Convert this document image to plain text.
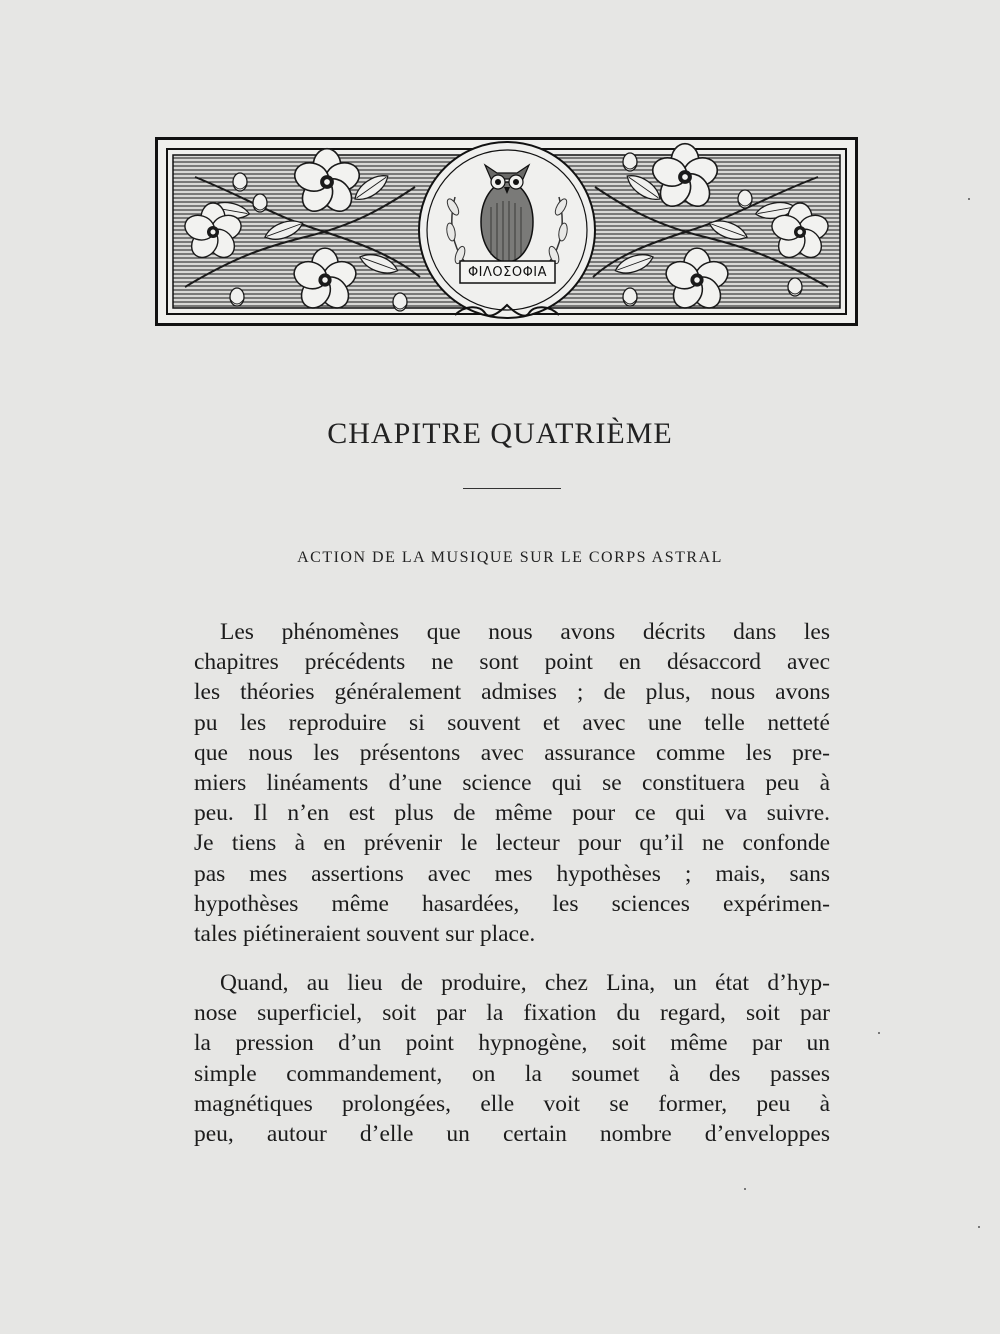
ΦΙΛΟΣΟΦΙΑ
CHAPITRE QUATRIÈME
ACTION DE LA MUSIQUE SUR LE CORPS ASTRAL
Les phénomènes que nous avons décrits dans les
chapitres précédents ne sont point en désaccord avec
les théories généralement admises ; de plus, nous avons
pu les reproduire si souvent et avec une telle netteté
que nous les présentons avec assurance comme les pre-
miers linéaments d’une science qui se constituera peu à
peu. Il n’en est plus de même pour ce qui va suivre.
Je tiens à en prévenir le lecteur pour qu’il ne confonde
pas mes assertions avec mes hypothèses ; mais, sans
hypothèses même hasardées, les sciences expérimen-
tales piétineraient souvent sur place.
Quand, au lieu de produire, chez Lina, un état d’hyp-
nose superficiel, soit par la fixation du regard, soit par
la pression d’un point hypnogène, soit même par un
simple commandement, on la soumet à des passes
magnétiques prolongées, elle voit se former, peu à
peu, autour d’elle un certain nombre d’enveloppes
